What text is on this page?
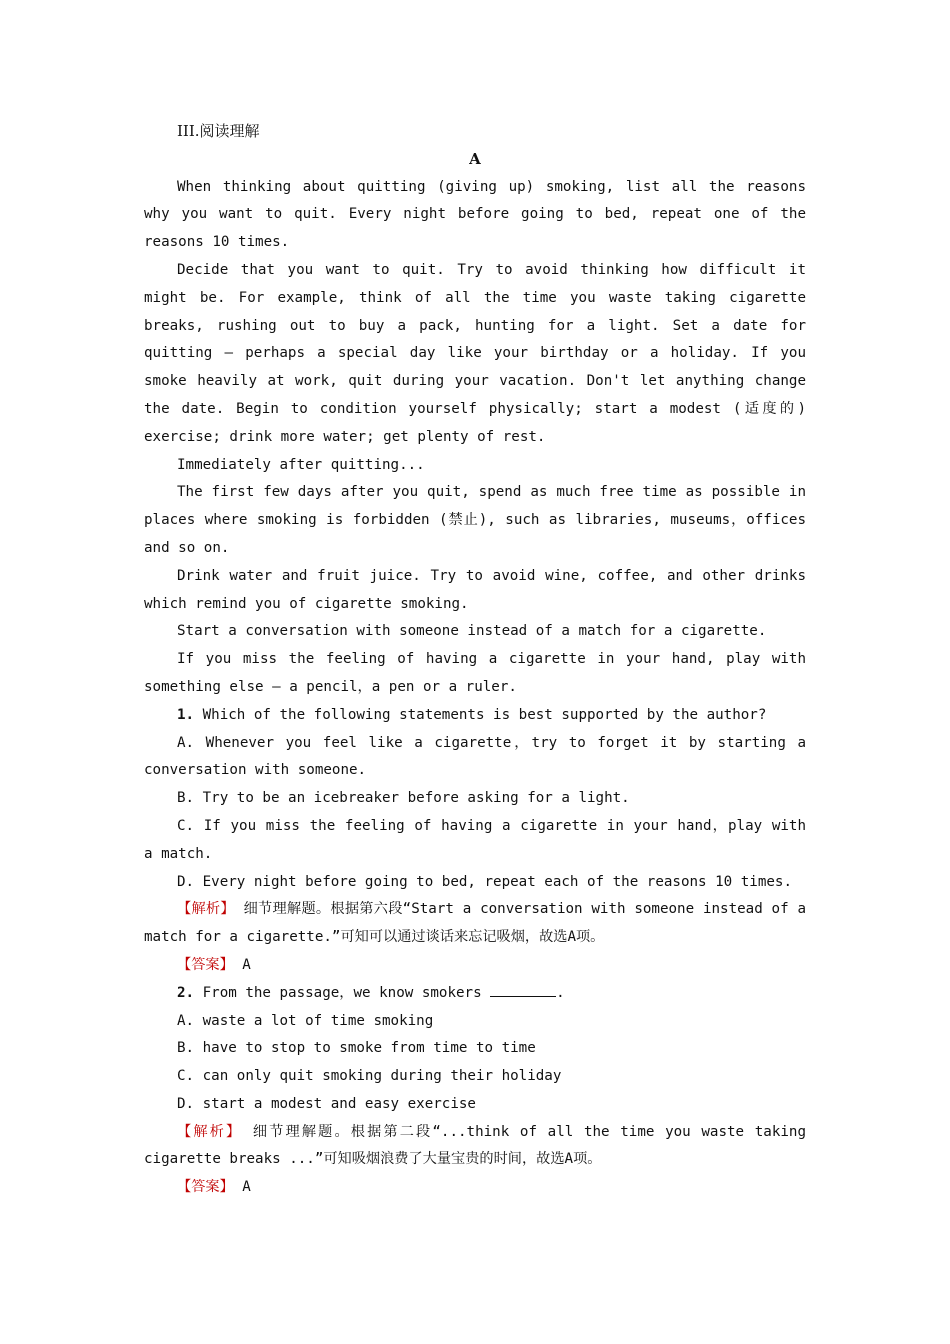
III.阅读理解
A

When thinking about quitting (giving up) smoking, list all the reasons why you want to quit. Every night before going to bed, repeat one of the reasons 10 times.

Decide that you want to quit. Try to avoid thinking how difficult it might be. For example, think of all the time you waste taking cigarette breaks, rushing out to buy a pack, hunting for a light. Set a date for quitting — perhaps a special day like your birthday or a holiday. If you smoke heavily at work, quit during your vacation. Don't let anything change the date. Begin to condition yourself physically; start a modest (适度的) exercise; drink more water; get plenty of rest.

Immediately after quitting...

The first few days after you quit, spend as much free time as possible in places where smoking is forbidden (禁止), such as libraries, museums，offices and so on.

Drink water and fruit juice. Try to avoid wine, coffee, and other drinks which remind you of cigarette smoking.

Start a conversation with someone instead of a match for a cigarette.

If you miss the feeling of having a cigarette in your hand, play with something else — a pencil，a pen or a ruler.

1. Which of the following statements is best supported by the author?

A. Whenever you feel like a cigarette，try to forget it by starting a conversation with someone.

B. Try to be an icebreaker before asking for a light.

C. If you miss the feeling of having a cigarette in your hand，play with a match.

D. Every night before going to bed, repeat each of the reasons 10 times.

【解析】 细节理解题。根据第六段“Start a conversation with someone instead of a match for a cigarette.”可知可以通过谈话来忘记吸烟，故选A项。

【答案】 A

2. From the passage，we know smokers	.

A. waste a lot of time smoking

B. have to stop to smoke from time to time

C. can only quit smoking during their holiday

D. start a modest and easy exercise

【解析】 细节理解题。根据第二段“...think of all the time you waste taking cigarette breaks ...”可知吸烟浪费了大量宝贵的时间，故选A项。

【答案】 A
